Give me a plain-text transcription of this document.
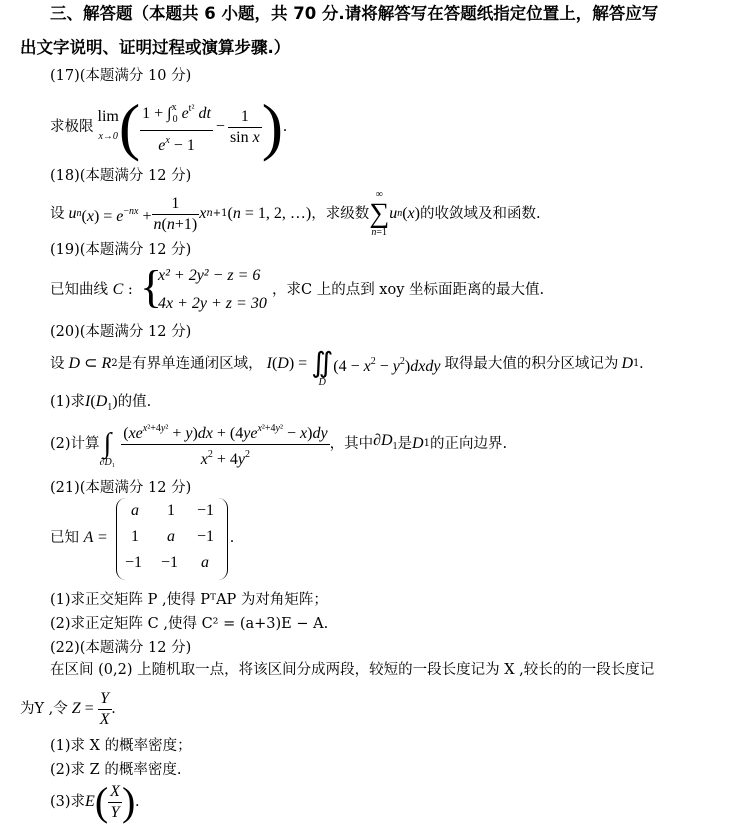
三、解答题（本题共 6 小题，共 70 分.请将解答写在答题纸指定位置上，解答应写
出文字说明、证明过程或演算步骤.）
(17)(本题满分 10 分)
求极限
lim
x→0 ( $\frac{1 + \int^x_0 e^{t^2} dt}{e^x - 1} - \frac{1}{\text{sin x}}$ ) .
(18)(本题满分 12 分)
设 u n $(x) = e^{-nx} + \frac{1}{n(n+1)}$ x n+1 (n = 1, 2, …) ，求级数
∞
∑
n=1
u n (x) 的收敛域及和函数.
(19)(本题满分 12 分)
已知曲线 C : {
x² + 2y² − z = 6
4x + 2y + z = 30
，求C 上的点到 xoy 坐标面距离的最大值.
(20)(本题满分 12 分)
设 D ⊂ R 2 是有界单连通闭区域， I (D) =
∬
D
($4 - x^2$ − $y^2)dxdy$ 取得最大值的积分区域记为 D 1 .
(1)求$I(D_1)$的值.
(2)计算
∫
$\partial D_1 \frac{(xe^{x^2+4y^2} + y)dx + (4ye^{x^2+4y^2} - x)dy}{x^2 + 4y^2}$ ，其中 $\partial D_1$ 是 D 1 的正向边界.
(21)(本题满分 12 分)
已知 A =
a 1 −1
1 a −1
−1 −1 a
.
(1)求正交矩阵 P ,使得 PᵀAP 为对角矩阵；
(2)求正定矩阵 C ,使得 C² = (a+3)E − A.
(22)(本题满分 12 分)
在区间 (0,2) 上随机取一点，将该区间分成两段，较短的一段长度记为 X ,较长的的一段长度记
为Y ,令 $Z = \frac{Y}{X}$ .
(1)求 X 的概率密度；
(2)求 Z 的概率密度.
(3)求 E ( $\frac{X}{Y}$ ) .
